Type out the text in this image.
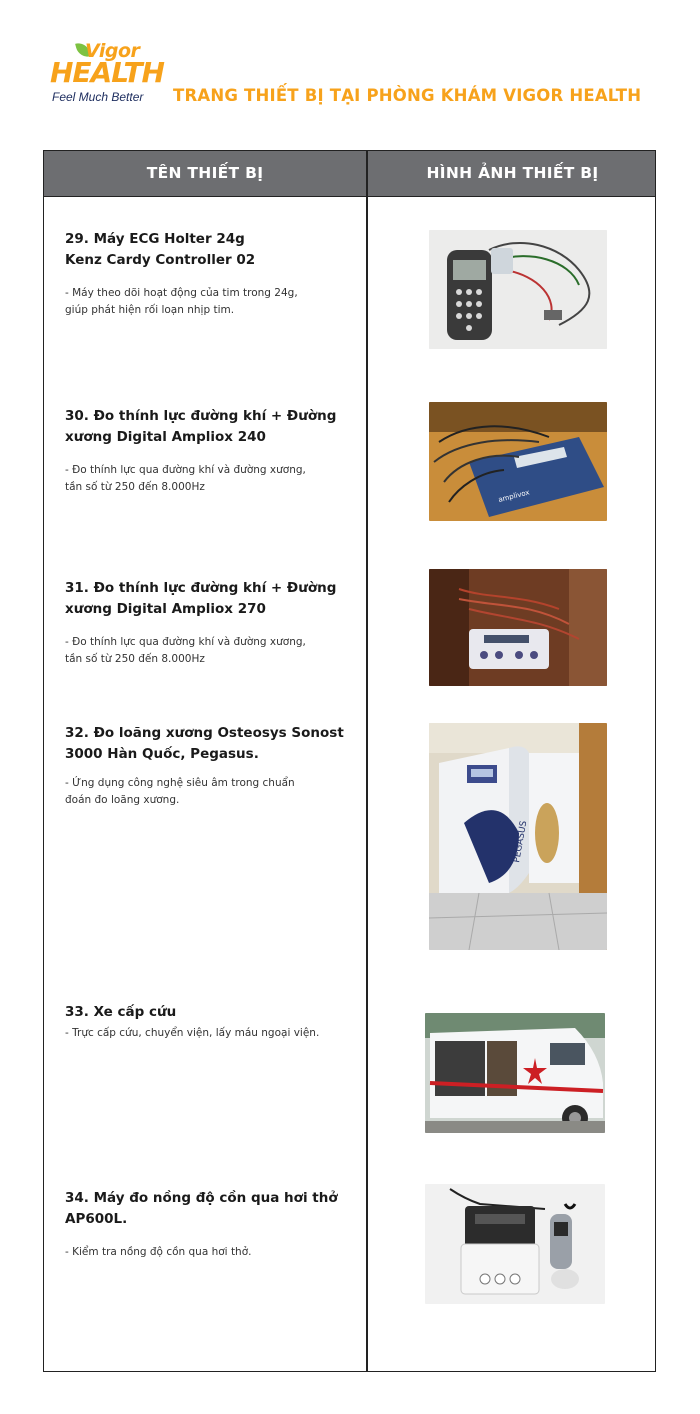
Vigor
HEALTH
Feel Much Better TRANG THIẾT BỊ TẠI PHÒNG KHÁM VIGOR HEALTH
TÊN THIẾT BỊ	HÌNH ẢNH THIẾT BỊ
29. Máy ECG Holter 24g
Kenz Cardy Controller 02

- Máy theo dõi hoạt động của tim trong 24g,
giúp phát hiện rối loạn nhịp tim.

30. Đo thính lực đường khí + Đường
xương Digital Ampliox 240

- Đo thính lực qua đường khí và đường xương,
tần số từ 250 đến 8.000Hz

amplivox
31. Đo thính lực đường khí + Đường
xương Digital Ampliox 270

- Đo thính lực qua đường khí và đường xương,
tần số từ 250 đến 8.000Hz

32. Đo loãng xương Osteosys Sonost
3000 Hàn Quốc, Pegasus.

- Ứng dụng công nghệ siêu âm trong chuẩn
đoán đo loãng xương.

PEGASUS
33. Xe cấp cứu

- Trực cấp cứu, chuyển viện, lấy máu ngoại viện.

34. Máy đo nồng độ cồn qua hơi thở
AP600L.

- Kiểm tra nồng độ cồn qua hơi thở.
